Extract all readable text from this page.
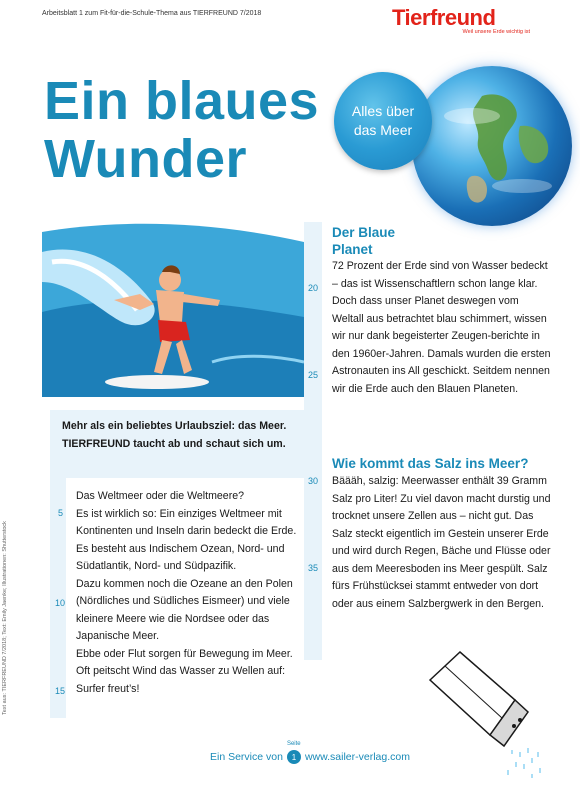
Arbeitsblatt 1 zum Fit-für-die-Schule-Thema aus TIERFREUND 7/2018	Tierfreund
Weil unsere Erde wichtig ist
Ein blaues
Wunder
Alles über
das Meer
Mehr als ein beliebtes Urlaubsziel: das Meer. TIERFREUND taucht ab und schaut sich um.

Das Weltmeer oder die Weltmeere?

Es ist wirklich so: Ein einziges Weltmeer mit Kontinenten und Inseln darin bedeckt die Erde. Es besteht aus Indischem Ozean, Nord- und Südatlantik, Nord- und Südpazifik.

Dazu kommen noch die Ozeane an den Polen (Nördliches und Südliches Eismeer) und viele kleinere Meere wie die Nordsee oder das Japanische Meer.

Ebbe oder Flut sorgen für Bewegung im Meer. Oft peitscht Wind das Wasser zu Wellen auf: Surfer freut’s!

5
10
15
Der Blaue
Planet

72 Prozent der Erde sind von Wasser bedeckt – das ist Wissenschaftlern schon lange klar. Doch dass unser Planet deswegen vom Weltall aus betrachtet blau schimmert, wissen wir nur dank begeisterter Zeugen-berichte in den 1960er-Jahren. Damals wurden die ersten Astronauten ins All geschickt. Seitdem nennen wir die Erde auch den Blauen Planeten.

20
25
Wie kommt das Salz ins Meer?

Bäääh, salzig: Meerwasser enthält 39 Gramm Salz pro Liter! Zu viel davon macht durstig und trocknet unsere Zellen aus – nicht gut. Das Salz steckt eigentlich im Gestein unserer Erde und wird durch Regen, Bäche und Flüsse oder aus dem Meeresboden ins Meer gespült. Salz fürs Frühstücksei stammt entweder von dort oder aus einem Salzbergwerk in den Bergen.

30
35
Text aus: TIERFREUND 7/2018; Text: Emily Jaenke; Illustrationen: Shutterstock
Ein Service von
Seite
1 www.sailer-verlag.com
